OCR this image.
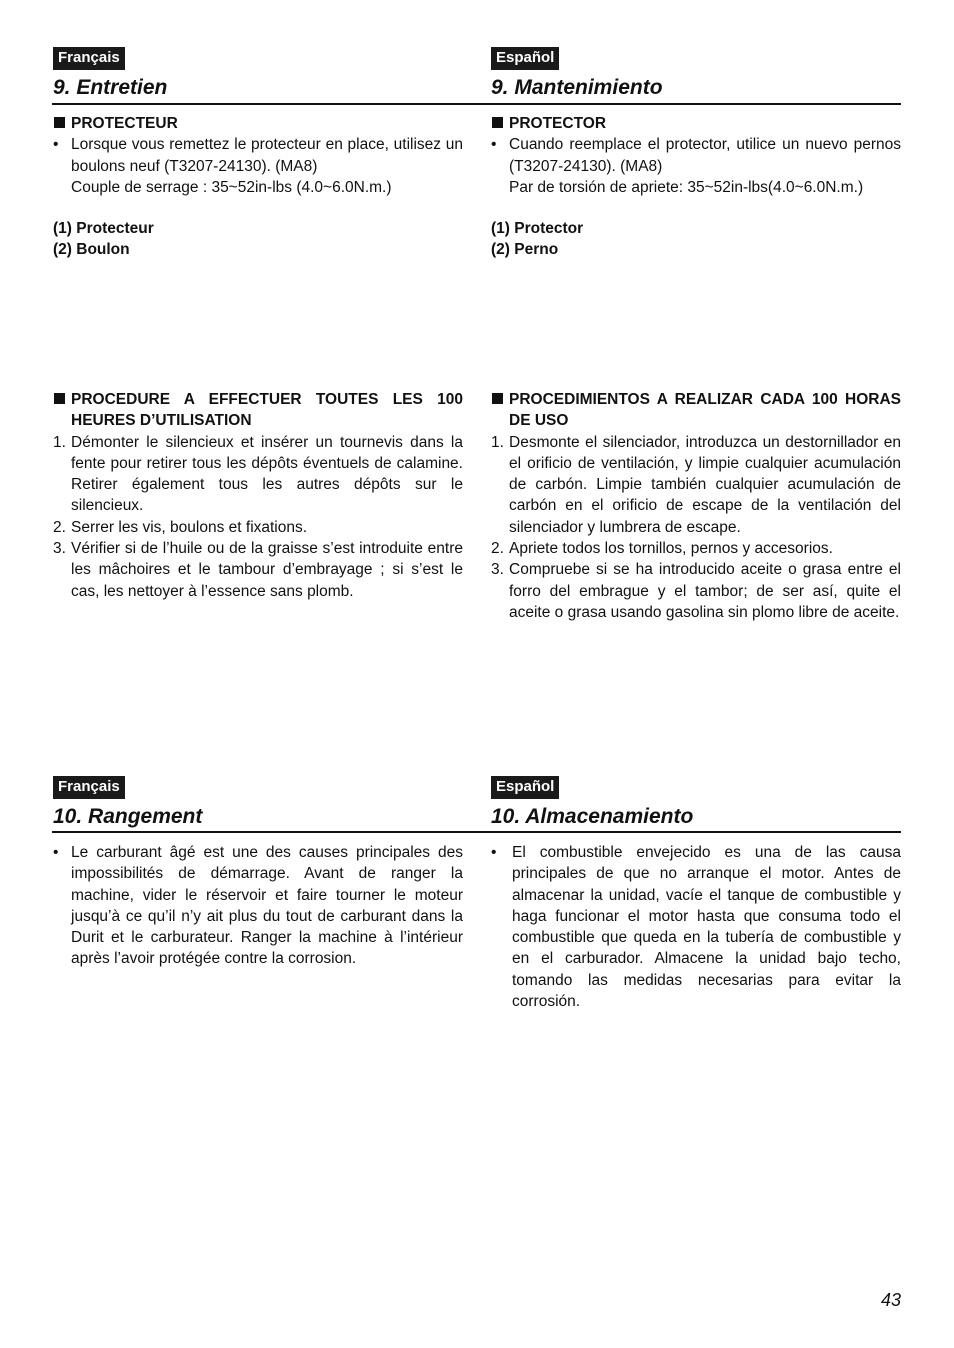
Français
9. Entretien
Español
9. Mantenimiento
PROTECTEUR
• Lorsque vous remettez le protecteur en place, utilisez un boulons neuf (T3207-24130). (MA8)

Couple de serrage : 35~52in-lbs (4.0~6.0N.m.)

(1) Protecteur
(2) Boulon
PROTECTOR
• Cuando reemplace el protector, utilice un nuevo pernos (T3207-24130). (MA8)

Par de torsión de apriete: 35~52in-lbs(4.0~6.0N.m.)

(1) Protector
(2) Perno
PROCEDURE A EFFECTUER TOUTES LES 100 HEURES D’UTILISATION
1. Démonter le silencieux et insérer un tournevis dans la fente pour retirer tous les dépôts éventuels de calamine. Retirer également tous les autres dépôts sur le silencieux.
2. Serrer les vis, boulons et fixations.
3. Vérifier si de l’huile ou de la graisse s’est introduite entre les mâchoires et le tambour d’embrayage ; si s’est le cas, les nettoyer à l’essence sans plomb.
PROCEDIMIENTOS A REALIZAR CADA 100 HORAS DE USO
1. Desmonte el silenciador, introduzca un destornillador en el orificio de ventilación, y limpie cualquier acumulación de carbón. Limpie también cualquier acumulación de carbón en el orificio de escape de la ventilación del silenciador y lumbrera de escape.
2. Apriete todos los tornillos, pernos y accesorios.
3. Compruebe si se ha introducido aceite o grasa entre el forro del embrague y el tambor; de ser así, quite el aceite o grasa usando gasolina sin plomo libre de aceite.
Français
10. Rangement
Español
10. Almacenamiento
• Le carburant âgé est une des causes principales des impossibilités de démarrage. Avant de ranger la machine, vider le réservoir et faire tourner le moteur jusqu’à ce qu’il n’y ait plus du tout de carburant dans la Durit et le carburateur. Ranger la machine à l’intérieur après l’avoir protégée contre la corrosion.
• El combustible envejecido es una de las causa principales de que no arranque el motor. Antes de almacenar la unidad, vacíe el tanque de combustible y haga funcionar el motor hasta que consuma todo el combustible que queda en la tubería de combustible y en el carburador. Almacene la unidad bajo techo, tomando las medidas necesarias para evitar la corrosión.
43
